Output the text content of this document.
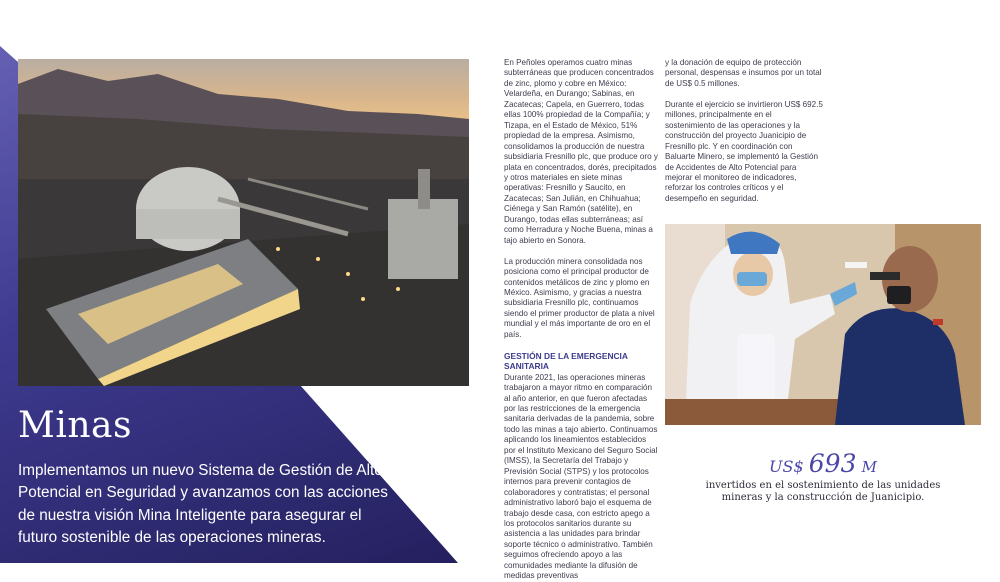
Minas

Implementamos un nuevo Sistema de Gestión de Alto Potencial en Seguridad y avanzamos con las acciones de nuestra visión Mina Inteligente para asegurar el futuro sostenible de las operaciones mineras.

En Peñoles operamos cuatro minas subterráneas que producen concentrados de zinc, plomo y cobre en México: Velardeña, en Durango; Sabinas, en Zacatecas; Capela, en Guerrero, todas ellas 100% propiedad de la Compañía; y Tizapa, en el Estado de México, 51% propiedad de la empresa. Asimismo, consolidamos la producción de nuestra subsidiaria Fresnillo plc, que produce oro y plata en concentrados, dorés, precipitados y otros materiales en siete minas operativas: Fresnillo y Saucito, en Zacatecas; San Julián, en Chihuahua; Ciénega y San Ramón (satélite), en Durango, todas ellas subterráneas; así como Herradura y Noche Buena, minas a tajo abierto en Sonora.

La producción minera consolidada nos posiciona como el principal productor de contenidos metálicos de zinc y plomo en México. Asimismo, y gracias a nuestra subsidiaria Fresnillo plc, continuamos siendo el primer productor de plata a nivel mundial y el más importante de oro en el país.

GESTIÓN DE LA EMERGENCIA SANITARIA

Durante 2021, las operaciones mineras trabajaron a mayor ritmo en comparación al año anterior, en que fueron afectadas por las restricciones de la emergencia sanitaria derivadas de la pandemia, sobre todo las minas a tajo abierto. Continuamos aplicando los lineamientos establecidos por el Instituto Mexicano del Seguro Social (IMSS), la Secretaría del Trabajo y Previsión Social (STPS) y los protocolos internos para prevenir contagios de colaboradores y contratistas; el personal administrativo laboró bajo el esquema de trabajo desde casa, con estricto apego a los protocolos sanitarios durante su asistencia a las unidades para brindar soporte técnico o administrativo. También seguimos ofreciendo apoyo a las comunidades mediante la difusión de medidas preventivas

y la donación de equipo de protección personal, despensas e insumos por un total de US$ 0.5 millones.

Durante el ejercicio se invirtieron US$ 692.5 millones, principalmente en el sostenimiento de las operaciones y la construcción del proyecto Juanicipio de Fresnillo plc. Y en coordinación con Baluarte Minero, se implementó la Gestión de Accidentes de Alto Potencial para mejorar el monitoreo de indicadores, reforzar los controles críticos y el desempeño en seguridad.

US$ 693 M

invertidos en el sostenimiento de las unidades mineras y la construcción de Juanicipio.
